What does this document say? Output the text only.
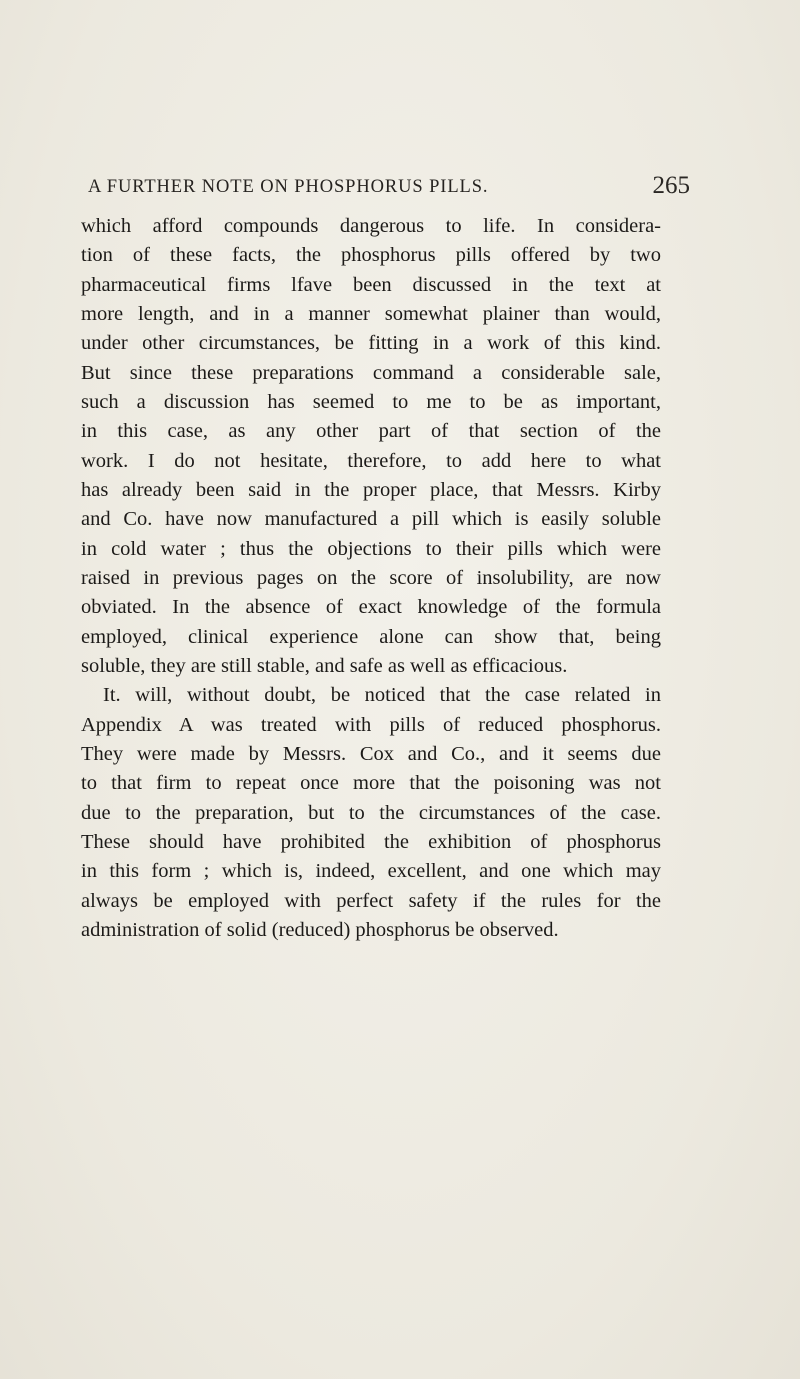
A FURTHER NOTE ON PHOSPHORUS PILLS.	265
which afford compounds dangerous to life. In considera-
tion of these facts, the phosphorus pills offered by two
pharmaceutical firms lfave been discussed in the text at
more length, and in a manner somewhat plainer than would,
under other circumstances, be fitting in a work of this kind.
But since these preparations command a considerable sale,
such a discussion has seemed to me to be as important,
in this case, as any other part of that section of the
work. I do not hesitate, therefore, to add here to what
has already been said in the proper place, that Messrs. Kirby
and Co. have now manufactured a pill which is easily soluble
in cold water ; thus the objections to their pills which were
raised in previous pages on the score of insolubility, are now
obviated. In the absence of exact knowledge of the formula
employed, clinical experience alone can show that, being
soluble, they are still stable, and safe as well as efficacious.
It. will, without doubt, be noticed that the case related in
Appendix A was treated with pills of reduced phosphorus.
They were made by Messrs. Cox and Co., and it seems due
to that firm to repeat once more that the poisoning was not
due to the preparation, but to the circumstances of the case.
These should have prohibited the exhibition of phosphorus
in this form ; which is, indeed, excellent, and one which may
always be employed with perfect safety if the rules for the
administration of solid (reduced) phosphorus be observed.
